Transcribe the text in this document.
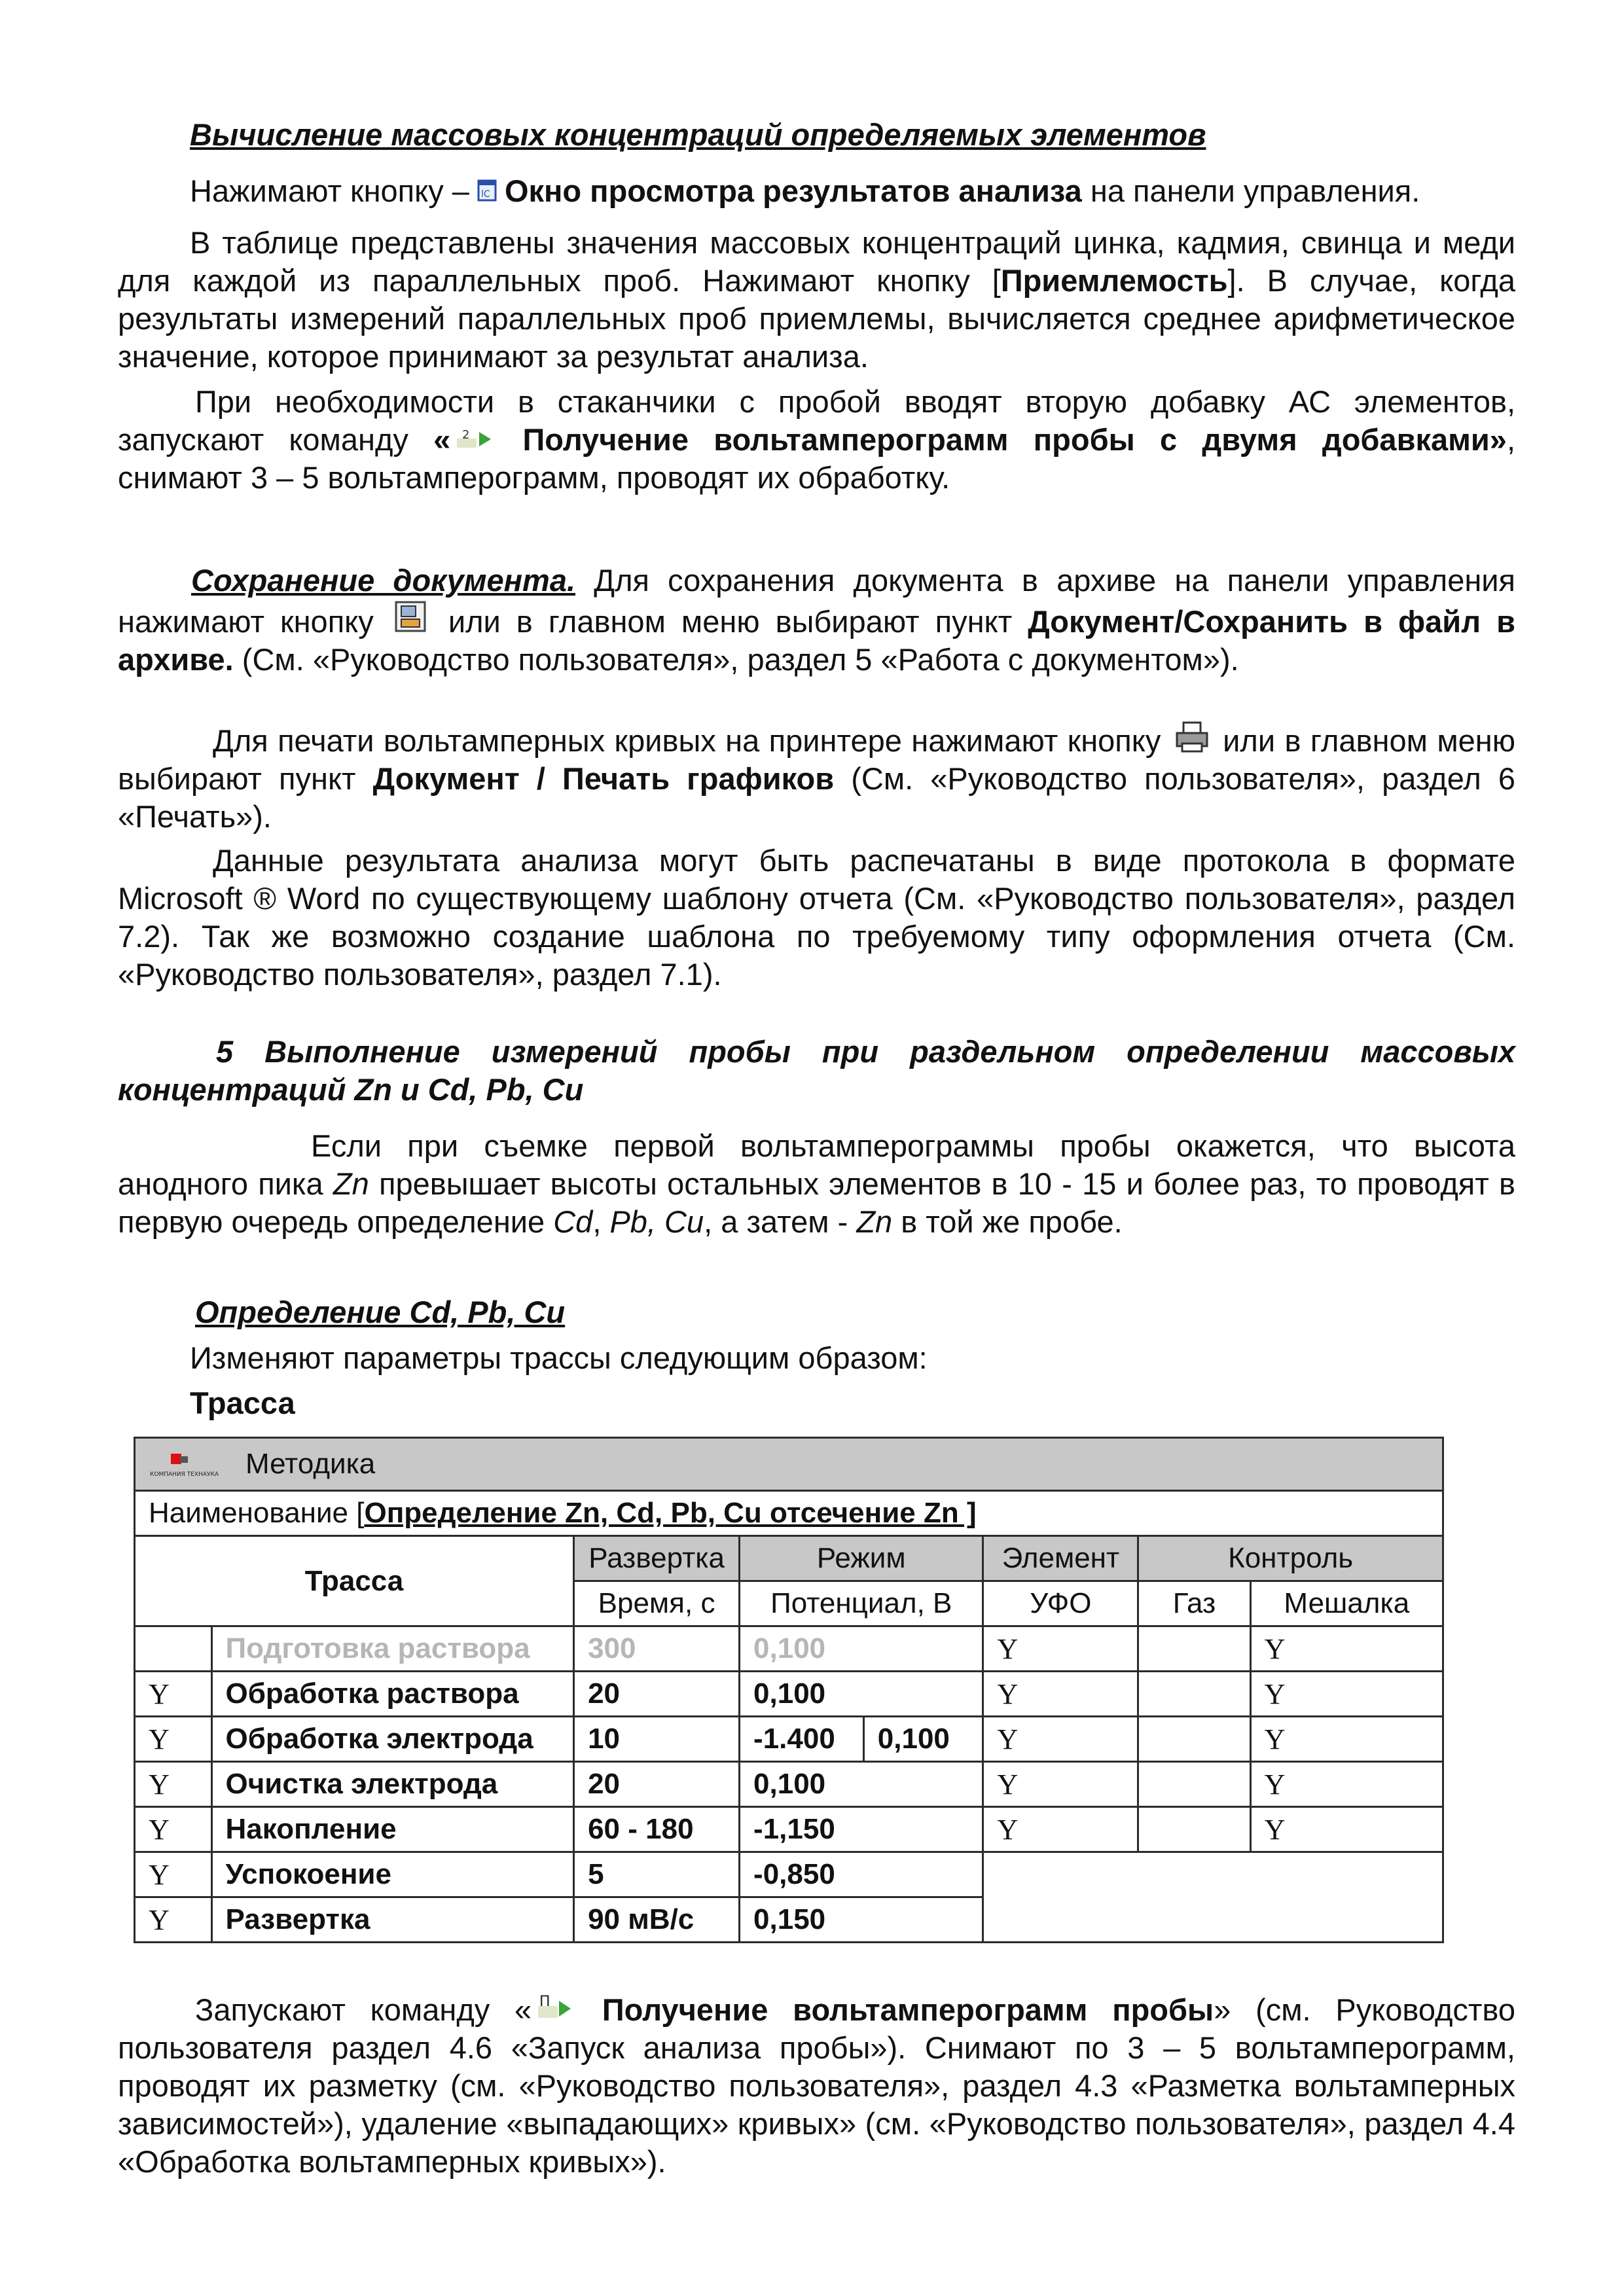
Вычисление массовых концентраций определяемых элементов

Нажимают кнопку – lC Окно просмотра результатов анализа на панели управления.

В таблице представлены значения массовых концентраций цинка, кадмия, свинца и меди для каждой из параллельных проб. Нажимают кнопку [Приемлемость]. В случае, когда результаты измерений параллельных проб приемлемы, вычисляется среднее арифметическое значение, которое принимают за результат анализа.

При необходимости в стаканчики с пробой вводят вторую добавку АС элементов, запускают команду « 2 Получение вольтамперограмм пробы с двумя добавками», снимают 3 – 5 вольтамперограмм, проводят их обработку.

Сохранение документа. Для сохранения документа в архиве на панели управления нажимают кнопку
или в главном меню выбирают пункт Документ/Сохранить в файл в архиве. (См. «Руководство пользователя», раздел 5 «Работа с документом»).

Для печати вольтамперных кривых на принтере нажимают кнопку
или в главном меню выбирают пункт Документ / Печать графиков (См. «Руководство пользователя», раздел 6 «Печать»).

Данные результата анализа могут быть распечатаны в виде протокола в формате Microsoft ® Word по существующему шаблону отчета (См. «Руководство пользователя», раздел 7.2). Так же возможно создание шаблона по требуемому типу оформления отчета (См. «Руководство пользователя», раздел 7.1).

5 Выполнение измерений пробы при раздельном определении массовых концентраций Zn и Cd, Pb, Cu

Если при съемке первой вольтамперограммы пробы окажется, что высота анодного пика Zn превышает высоты остальных элементов в 10 - 15 и более раз, то проводят в первую очередь определение Cd, Pb, Cu, а затем - Zn в той же пробе.

Определение Cd, Pb, Cu

Изменяют параметры трассы следующим образом:

Трасса

КОМПАНИЯ ТЕХНАУКА Методика							
Наименование [Определение Zn, Cd, Pb, Cu отсечение Zn ]							
Трасса		Развертка	Режим		Элемент	Контроль	
		Время, с	Потенциал, В		УФО	Газ	Мешалка
	Подготовка раствора	300	0,100		Y		Y
Y	Обработка раствора	20	0,100		Y		Y
Y	Обработка электрода	10	-1.400	0,100	Y		Y
Y	Очистка электрода	20	0,100		Y		Y
Y	Накопление	60 - 180	-1,150		Y		Y
Y	Успокоение	5	-0,850				
Y	Развертка	90 мВ/с	0,150				

Запускают команду « П Получение вольтамперограмм пробы» (см. Руководство пользователя раздел 4.6 «Запуск анализа пробы»). Снимают по 3 – 5 вольтамперограмм, проводят их разметку (см. «Руководство пользователя», раздел 4.3 «Разметка вольтамперных зависимостей»), удаление «выпадающих» кривых» (см. «Руководство пользователя», раздел 4.4 «Обработка вольтамперных кривых»).
